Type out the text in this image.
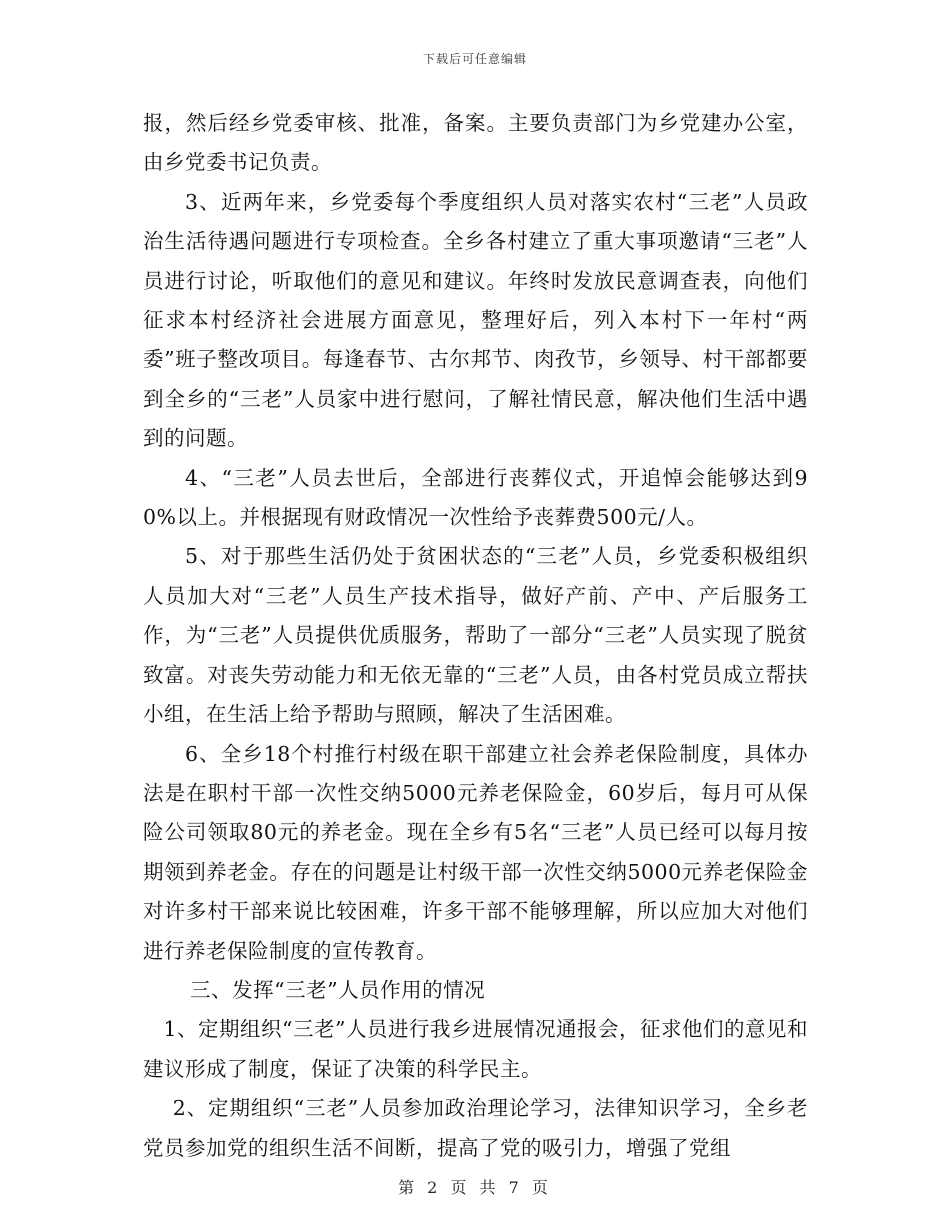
下载后可任意编辑

报，然后经乡党委审核、批准，备案。主要负责部门为乡党建办公室，由乡党委书记负责。

3、近两年来，乡党委每个季度组织人员对落实农村“三老”人员政治生活待遇问题进行专项检查。全乡各村建立了重大事项邀请“三老”人员进行讨论，听取他们的意见和建议。年终时发放民意调查表，向他们征求本村经济社会进展方面意见，整理好后，列入本村下一年村“两委”班子整改项目。每逢春节、古尔邦节、肉孜节，乡领导、村干部都要到全乡的“三老”人员家中进行慰问，了解社情民意，解决他们生活中遇到的问题。

4、“三老”人员去世后，全部进行丧葬仪式，开追悼会能够达到90%以上。并根据现有财政情况一次性给予丧葬费500元/人。

5、对于那些生活仍处于贫困状态的“三老”人员，乡党委积极组织人员加大对“三老”人员生产技术指导，做好产前、产中、产后服务工作，为“三老”人员提供优质服务，帮助了一部分“三老”人员实现了脱贫致富。对丧失劳动能力和无依无靠的“三老”人员，由各村党员成立帮扶小组，在生活上给予帮助与照顾，解决了生活困难。

6、全乡18个村推行村级在职干部建立社会养老保险制度，具体办法是在职村干部一次性交纳5000元养老保险金，60岁后，每月可从保险公司领取80元的养老金。现在全乡有5名“三老”人员已经可以每月按期领到养老金。存在的问题是让村级干部一次性交纳5000元养老保险金对许多村干部来说比较困难，许多干部不能够理解，所以应加大对他们进行养老保险制度的宣传教育。

三、发挥“三老”人员作用的情况

1、定期组织“三老”人员进行我乡进展情况通报会，征求他们的意见和建议形成了制度，保证了决策的科学民主。

2、定期组织“三老”人员参加政治理论学习，法律知识学习，全乡老党员参加党的组织生活不间断，提高了党的吸引力，增强了党组

第 2 页 共 7 页
